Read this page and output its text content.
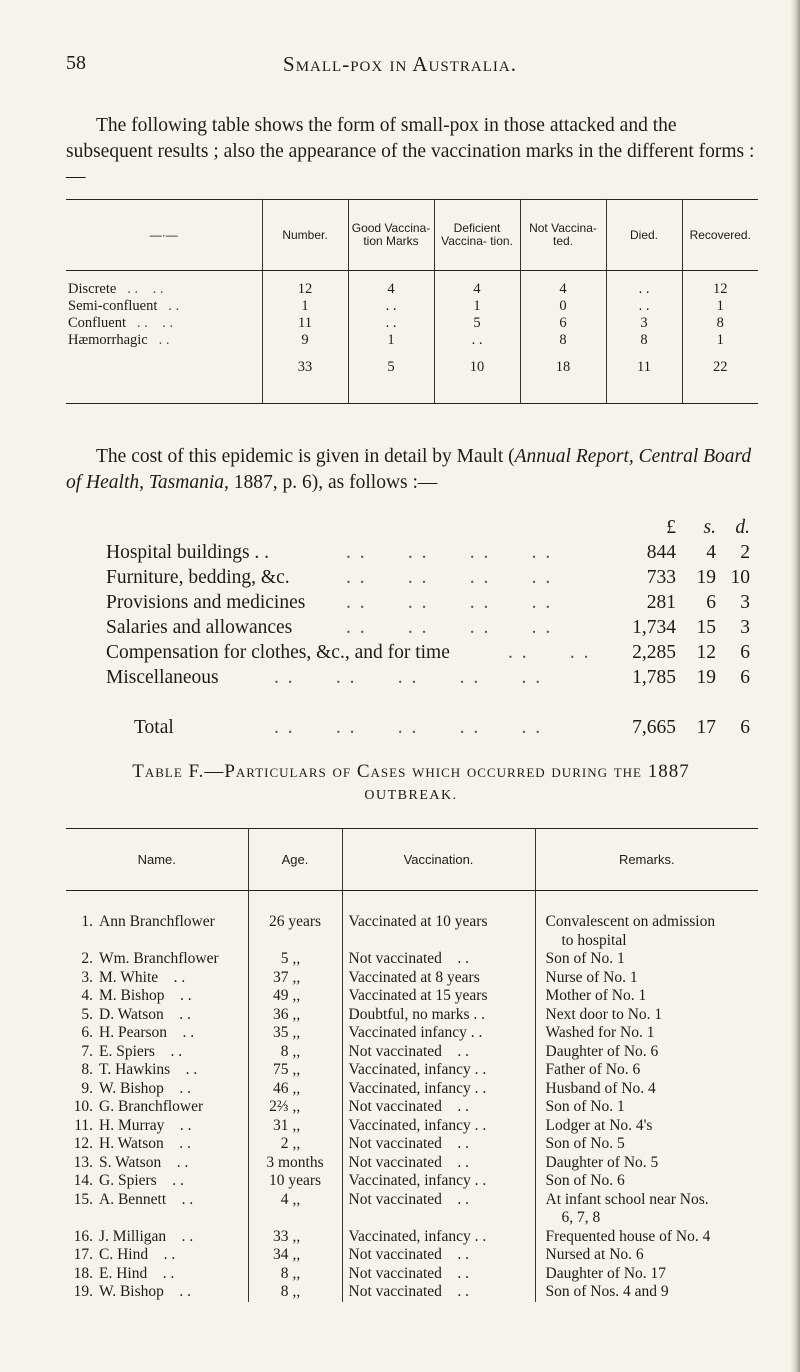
58	Small-pox in Australia.
The following table shows the form of small-pox in those attacked and the subsequent results ; also the appearance of the vaccination marks in the different forms :—
—·—	Number.	Good Vaccina- tion Marks	Deficient Vaccina- tion.	Not Vaccina- ted.	Died.	Recovered.

Discrete . .    . .	12	4	4	4	. .	12
Semi-confluent . .	1	. .	1	0	. .	1
Confluent . .    . .	11	. .	5	6	3	8
Hæmorrhagic . .	9	1	. .	8	8	1
	33	5	10	18	11	22
The cost of this epidemic is given in detail by Mault (Annual Report, Central Board of Health, Tasmania, 1887, p. 6), as follows :—
£	s. d.
Hospital buildings . .	. .      . .      . .      . .	844	4	2
Furniture, bedding, &c.	. .      . .      . .      . .	733	19 10
Provisions and medicines . .      . .      . .      . .	281	6	3
Salaries and allowances	. .      . .      . .      . .	1,734	15	3
Compensation for clothes, &c., and for time	. .      . .	2,285	12	6
Miscellaneous	. .      . .      . .      . .      . .	1,785	19	6
Total	. .      . .      . .      . .      . .	7,665	17	6
Table F.—Particulars of Cases which occurred during the 1887
OUTBREAK.
Name.	Age.	Vaccination.	Remarks.
1. Ann Branchflower	26 years	Vaccinated at 10 years	Convalescent on admission
to hospital

2. Wm. Branchflower	5 ,,	Not vaccinated    . .	Son of No. 1

3. M. White    . .	37 ,,	Vaccinated at 8 years	Nurse of No. 1

4. M. Bishop    . .	49 ,,	Vaccinated at 15 years	Mother of No. 1

5. D. Watson    . .	36 ,,	Doubtful, no marks . .	Next door to No. 1

6. H. Pearson    . .	35 ,,	Vaccinated infancy . .	Washed for No. 1

7. E. Spiers    . .	8 ,,	Not vaccinated    . .	Daughter of No. 6

8. T. Hawkins    . .	75 ,,	Vaccinated, infancy . .	Father of No. 6

9. W. Bishop    . .	46 ,,	Vaccinated, infancy . .	Husband of No. 4

10. G. Branchflower	2⅔ ,,	Not vaccinated    . .	Son of No. 1

11. H. Murray    . .	31 ,,	Vaccinated, infancy . .	Lodger at No. 4's

12. H. Watson    . .	2 ,,	Not vaccinated    . .	Son of No. 5

13. S. Watson    . .	3 months	Not vaccinated    . .	Daughter of No. 5

14. G. Spiers    . .	10 years	Vaccinated, infancy . .	Son of No. 6

15. A. Bennett    . .	4 ,,	Not vaccinated    . .	At infant school near Nos.
6, 7, 8

16. J. Milligan    . .	33 ,,	Vaccinated, infancy . .	Frequented house of No. 4

17. C. Hind    . .	34 ,,	Not vaccinated    . .	Nursed at No. 6

18. E. Hind    . .	8 ,,	Not vaccinated    . .	Daughter of No. 17

19. W. Bishop    . .	8 ,,	Not vaccinated    . .	Son of Nos. 4 and 9
